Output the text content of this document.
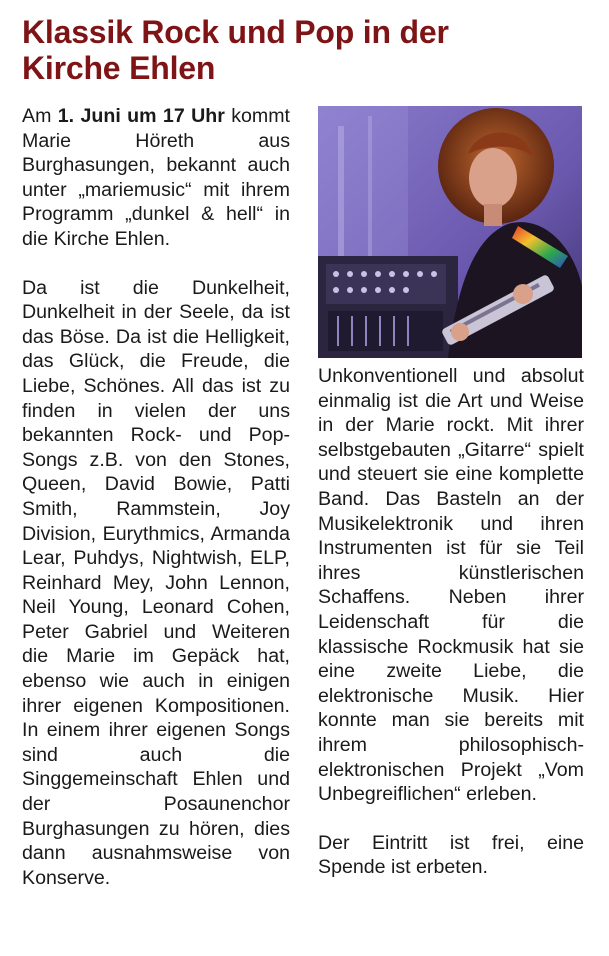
Klassik Rock und Pop in der
Kirche Ehlen

Am 1. Juni um 17 Uhr kommt Marie Höreth aus Burghasungen, bekannt auch unter „mariemusic“ mit ihrem Programm „dunkel & hell“ in die Kirche Ehlen.

Da ist die Dunkelheit, Dunkelheit in der Seele, da ist das Böse. Da ist die Helligkeit, das Glück, die Freude, die Liebe, Schönes. All das ist zu finden in vielen der uns bekannten Rock- und Pop-Songs z.B. von den Stones, Queen, David Bowie, Patti Smith, Rammstein, Joy Division, Eurythmics, Armanda Lear, Puhdys, Nightwish, ELP, Reinhard Mey, John Lennon, Neil Young, Leonard Cohen, Peter Gabriel und Weiteren die Marie im Gepäck hat, ebenso wie auch in einigen ihrer eigenen Kompositionen. In einem ihrer eigenen Songs sind auch die Singgemeinschaft Ehlen und der Posaunenchor Burghasungen zu hören, dies dann ausnahmsweise von Konserve.

Unkonventionell und absolut einmalig ist die Art und Weise in der Marie rockt. Mit ihrer selbstgebauten „Gitarre“ spielt und steuert sie eine komplette Band. Das Basteln an der Musikelektronik und ihren Instrumenten ist für sie Teil ihres künstlerischen Schaffens. Neben ihrer Leidenschaft für die klassische Rockmusik hat sie eine zweite Liebe, die elektronische Musik. Hier konnte man sie bereits mit ihrem philosophisch-elektronischen Projekt „Vom Unbegreiflichen“ erleben.

Der Eintritt ist frei, eine Spende ist erbeten.
